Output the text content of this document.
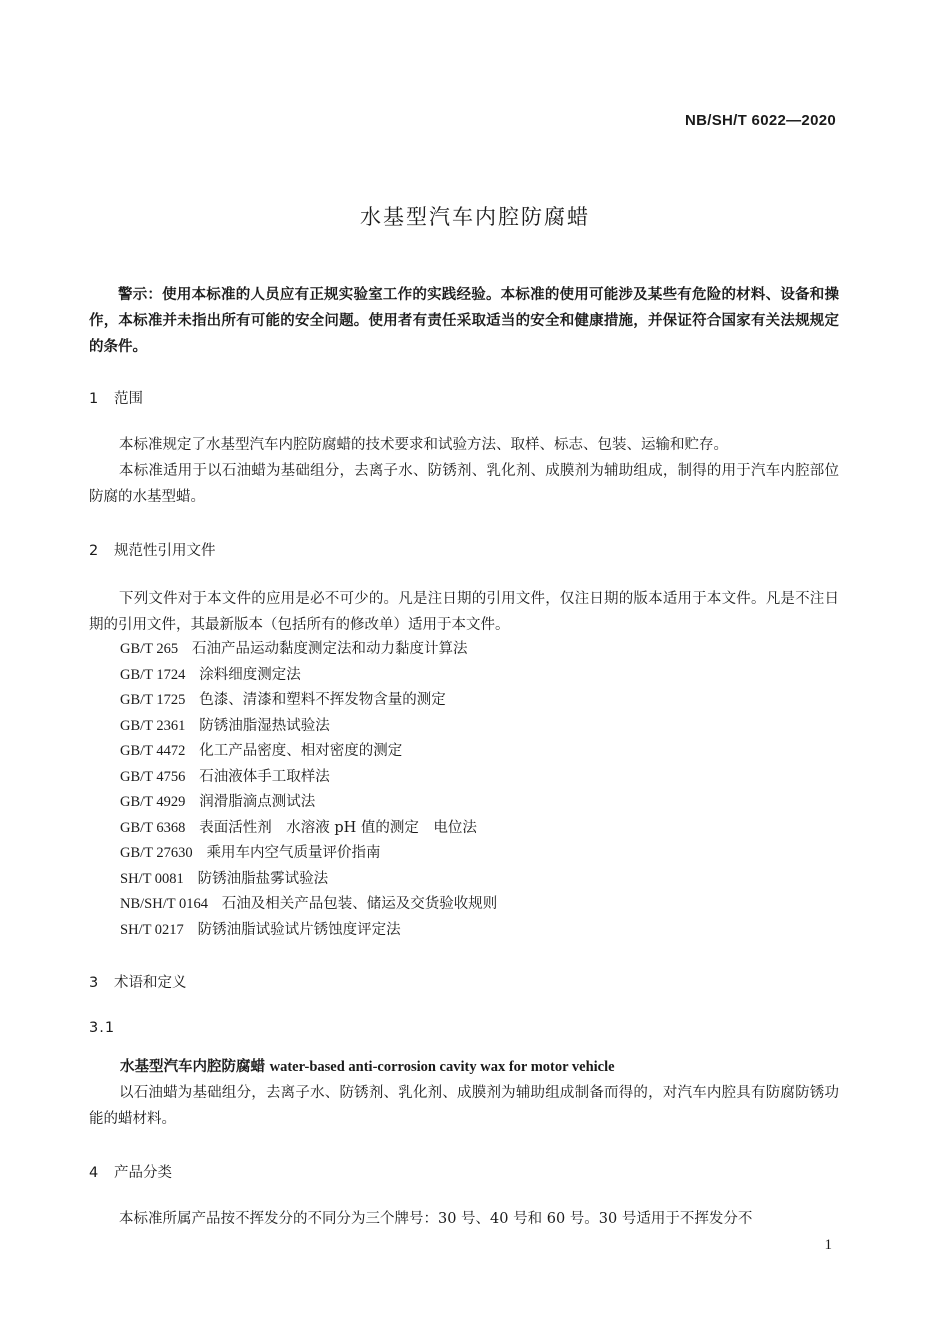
NB/SH/T 6022—2020
水基型汽车内腔防腐蜡

警示：使用本标准的人员应有正规实验室工作的实践经验。本标准的使用可能涉及某些有危险的材料、设备和操作，本标准并未指出所有可能的安全问题。使用者有责任采取适当的安全和健康措施，并保证符合国家有关法规规定的条件。

1 范围

本标准规定了水基型汽车内腔防腐蜡的技术要求和试验方法、取样、标志、包装、运输和贮存。

本标准适用于以石油蜡为基础组分，去离子水、防锈剂、乳化剂、成膜剂为辅助组成，制得的用于汽车内腔部位防腐的水基型蜡。

2 规范性引用文件

下列文件对于本文件的应用是必不可少的。凡是注日期的引用文件，仅注日期的版本适用于本文件。凡是不注日期的引用文件，其最新版本（包括所有的修改单）适用于本文件。

GB/T 265 石油产品运动黏度测定法和动力黏度计算法
GB/T 1724 涂料细度测定法
GB/T 1725 色漆、清漆和塑料不挥发物含量的测定
GB/T 2361 防锈油脂湿热试验法
GB/T 4472 化工产品密度、相对密度的测定
GB/T 4756 石油液体手工取样法
GB/T 4929 润滑脂滴点测试法
GB/T 6368 表面活性剂　水溶液 pH 值的测定　电位法
GB/T 27630 乘用车内空气质量评价指南
SH/T 0081 防锈油脂盐雾试验法
NB/SH/T 0164 石油及相关产品包装、储运及交货验收规则
SH/T 0217 防锈油脂试验试片锈蚀度评定法
3 术语和定义
3.1
水基型汽车内腔防腐蜡 water-based anti-corrosion cavity wax for motor vehicle

以石油蜡为基础组分，去离子水、防锈剂、乳化剂、成膜剂为辅助组成制备而得的，对汽车内腔具有防腐防锈功能的蜡材料。

4 产品分类

本标准所属产品按不挥发分的不同分为三个牌号：30 号、40 号和 60 号。30 号适用于不挥发分不

1
